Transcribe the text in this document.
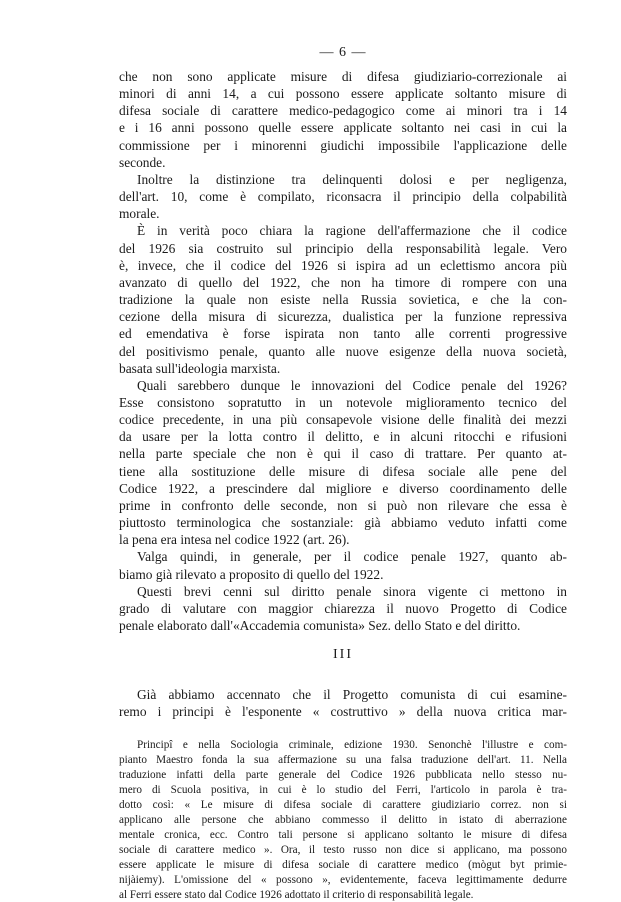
— 6 —

che non sono applicate misure di difesa giudiziario-correzionale ai
minori di anni 14, a cui possono essere applicate soltanto misure di
difesa sociale di carattere medico-pedagogico come ai minori tra i 14
e i 16 anni possono quelle essere applicate soltanto nei casi in cui la
commissione per i minorenni giudichi impossibile l'applicazione delle
seconde.

Inoltre la distinzione tra delinquenti dolosi e per negligenza,
dell'art. 10, come è compilato, riconsacra il principio della colpabilità
morale.

È in verità poco chiara la ragione dell'affermazione che il codice
del 1926 sia costruito sul principio della responsabilità legale. Vero
è, invece, che il codice del 1926 si ispira ad un eclettismo ancora più
avanzato di quello del 1922, che non ha timore di rompere con una
tradizione la quale non esiste nella Russia sovietica, e che la con-
cezione della misura di sicurezza, dualistica per la funzione repressiva
ed emendativa è forse ispirata non tanto alle correnti progressive
del positivismo penale, quanto alle nuove esigenze della nuova società,
basata sull'ideologia marxista.

Quali sarebbero dunque le innovazioni del Codice penale del 1926?
Esse consistono sopratutto in un notevole miglioramento tecnico del
codice precedente, in una più consapevole visione delle finalità dei mezzi
da usare per la lotta contro il delitto, e in alcuni ritocchi e rifusioni
nella parte speciale che non è qui il caso di trattare. Per quanto at-
tiene alla sostituzione delle misure di difesa sociale alle pene del
Codice 1922, a prescindere dal migliore e diverso coordinamento delle
prime in confronto delle seconde, non si può non rilevare che essa è
piuttosto terminologica che sostanziale: già abbiamo veduto infatti come
la pena era intesa nel codice 1922 (art. 26).

Valga quindi, in generale, per il codice penale 1927, quanto ab-
biamo già rilevato a proposito di quello del 1922.

Questi brevi cenni sul diritto penale sinora vigente ci mettono in
grado di valutare con maggior chiarezza il nuovo Progetto di Codice
penale elaborato dall'«Accademia comunista» Sez. dello Stato e del diritto.

III

Già abbiamo accennato che il Progetto comunista di cui esamine-
remo i principi è l'esponente « costruttivo » della nuova critica mar-

Principî e nella Sociologia criminale, edizione 1930. Senonchè l'illustre e com-
pianto Maestro fonda la sua affermazione su una falsa traduzione dell'art. 11. Nella
traduzione infatti della parte generale del Codice 1926 pubblicata nello stesso nu-
mero di Scuola positiva, in cui è lo studio del Ferri, l'articolo in parola è tra-
dotto così: « Le misure di difesa sociale di carattere giudiziario correz. non si
applicano alle persone che abbiano commesso il delitto in istato di aberrazione
mentale cronica, ecc. Contro tali persone si applicano soltanto le misure di difesa
sociale di carattere medico ». Ora, il testo russo non dice si applicano, ma possono
essere applicate le misure di difesa sociale di carattere medico (mògut byt primie-
nijàiemy). L'omissione del « possono », evidentemente, faceva legittimamente dedurre
al Ferri essere stato dal Codice 1926 adottato il criterio di responsabilità legale.
